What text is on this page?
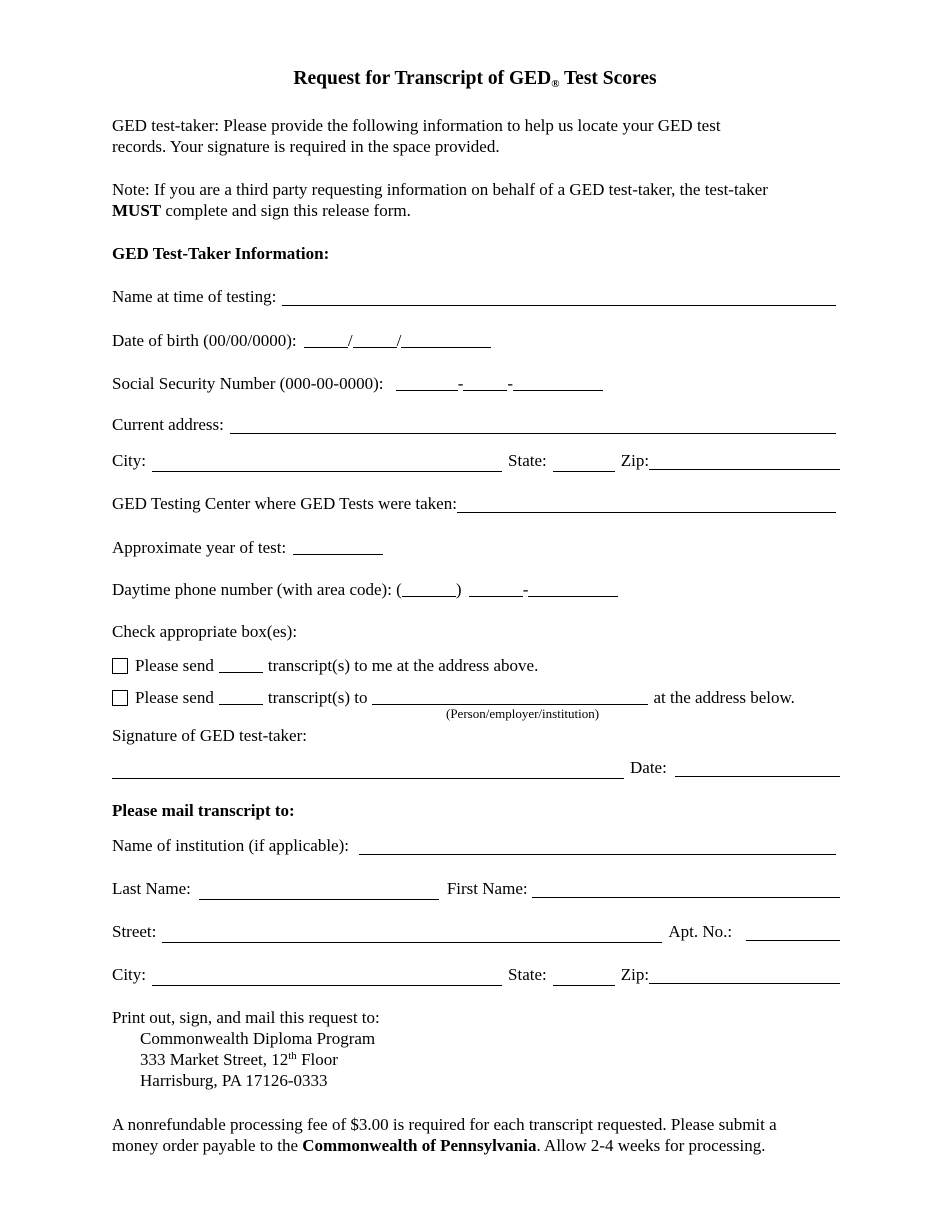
Request for Transcript of $GED_®$ Test Scores
GED test-taker: Please provide the following information to help us locate your GED test
records. Your signature is required in the space provided.
Note: If you are a third party requesting information on behalf of a GED test-taker, the test-taker
MUST complete and sign this release form.
GED Test-Taker Information:
Name at time of testing:
Date of birth (00/00/0000):	/	/
Social Security Number (000-00-0000):	-	-
Current address:
City:	State:	Zip:
GED Testing Center where GED Tests were taken:
Approximate year of test:
Daytime phone number (with area code): (	)	-
Check appropriate box(es):
Please send	transcript(s) to me at the address above.
Please send	transcript(s) to	at the address below.
(Person/employer/institution)
Signature of GED test-taker:
Date:
Please mail transcript to:
Name of institution (if applicable):
Last Name:	First Name:
Street:	Apt. No.:
City:	State:	Zip:
Print out, sign, and mail this request to:
Commonwealth Diploma Program
333 Market Street, 12th Floor
Harrisburg, PA 17126-0333
A nonrefundable processing fee of $3.00 is required for each transcript requested. Please submit a
money order payable to the Commonwealth of Pennsylvania. Allow 2-4 weeks for processing.
